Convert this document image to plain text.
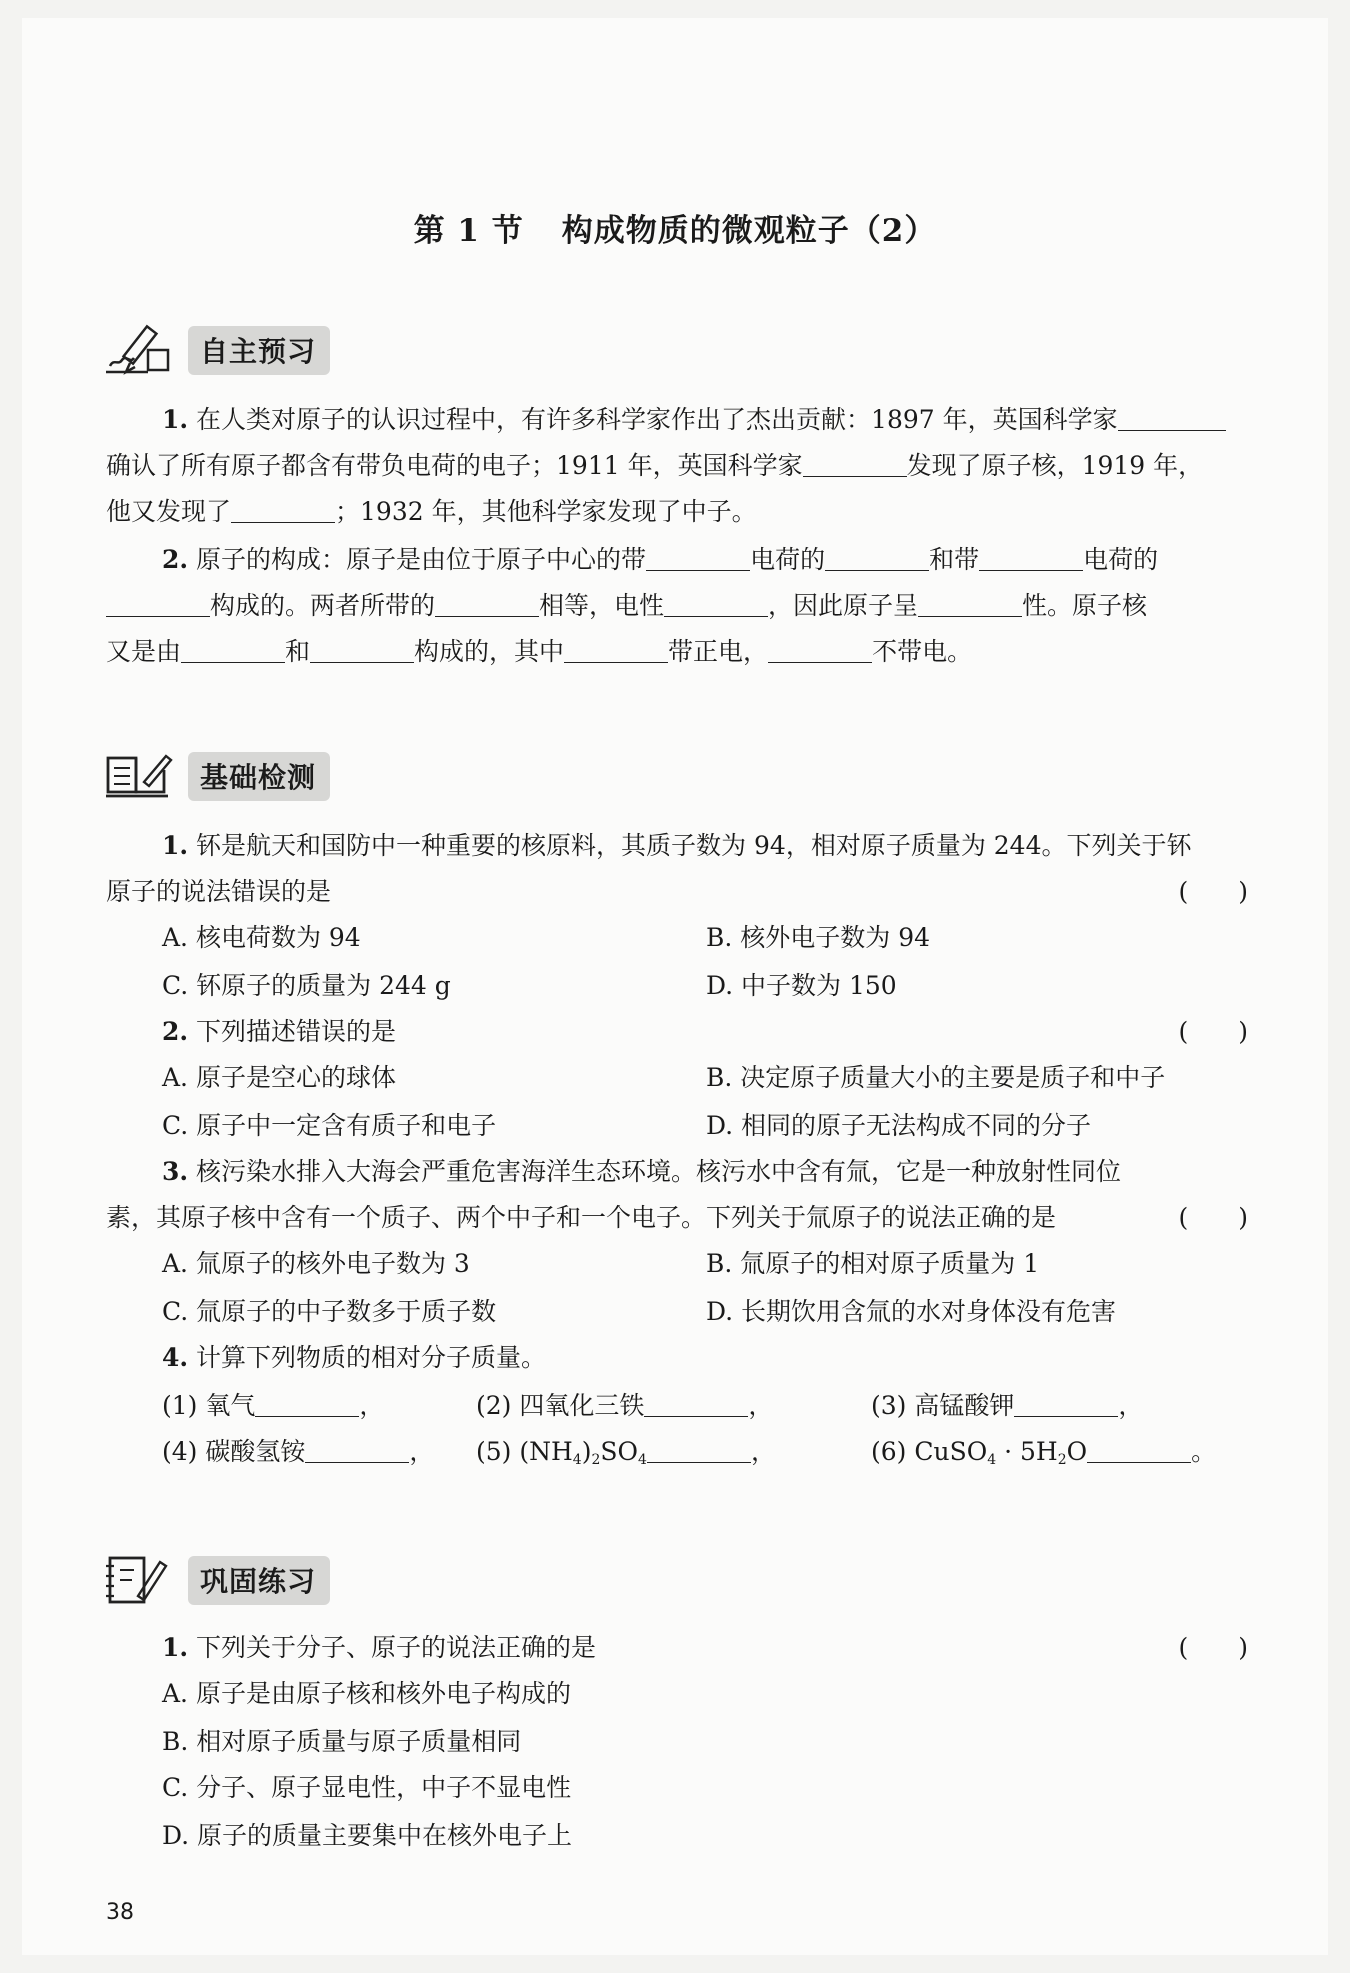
第 1 节 构成物质的微观粒子（2）
自主预习
1. 在人类对原子的认识过程中，有许多科学家作出了杰出贡献：1897 年，英国科学家
确认了所有原子都含有带负电荷的电子；1911 年，英国科学家	发现了原子核，1919 年，
他又发现了	；1932 年，其他科学家发现了中子。
2. 原子的构成：原子是由位于原子中心的带	电荷的	和带	电荷的
构成的。两者所带的	相等，电性	，因此原子呈	性。原子核
又是由	和	构成的，其中	带正电，	不带电。
基础检测
1. 钚是航天和国防中一种重要的核原料，其质子数为 94，相对原子质量为 244。下列关于钚
原子的说法错误的是	(　　)
A. 核电荷数为 94	B. 核外电子数为 94
C. 钚原子的质量为 244 g	D. 中子数为 150
2. 下列描述错误的是	(　　)
A. 原子是空心的球体	B. 决定原子质量大小的主要是质子和中子
C. 原子中一定含有质子和电子	D. 相同的原子无法构成不同的分子
3. 核污染水排入大海会严重危害海洋生态环境。核污水中含有氚，它是一种放射性同位
素，其原子核中含有一个质子、两个中子和一个电子。下列关于氚原子的说法正确的是	(　　)
A. 氚原子的核外电子数为 3	B. 氚原子的相对原子质量为 1
C. 氚原子的中子数多于质子数	D. 长期饮用含氚的水对身体没有危害
4. 计算下列物质的相对分子质量。
(1) 氧气	，	(2) 四氧化三铁	，	(3) 高锰酸钾	，
(4) 碳酸氢铵	， (5) $(NH_4)_2SO_4$	，	(6) CuSO$_4$ · $5H_2O$	。
巩固练习
1. 下列关于分子、原子的说法正确的是	(　　)
A. 原子是由原子核和核外电子构成的
B. 相对原子质量与原子质量相同
C. 分子、原子显电性，中子不显电性
D. 原子的质量主要集中在核外电子上
38
